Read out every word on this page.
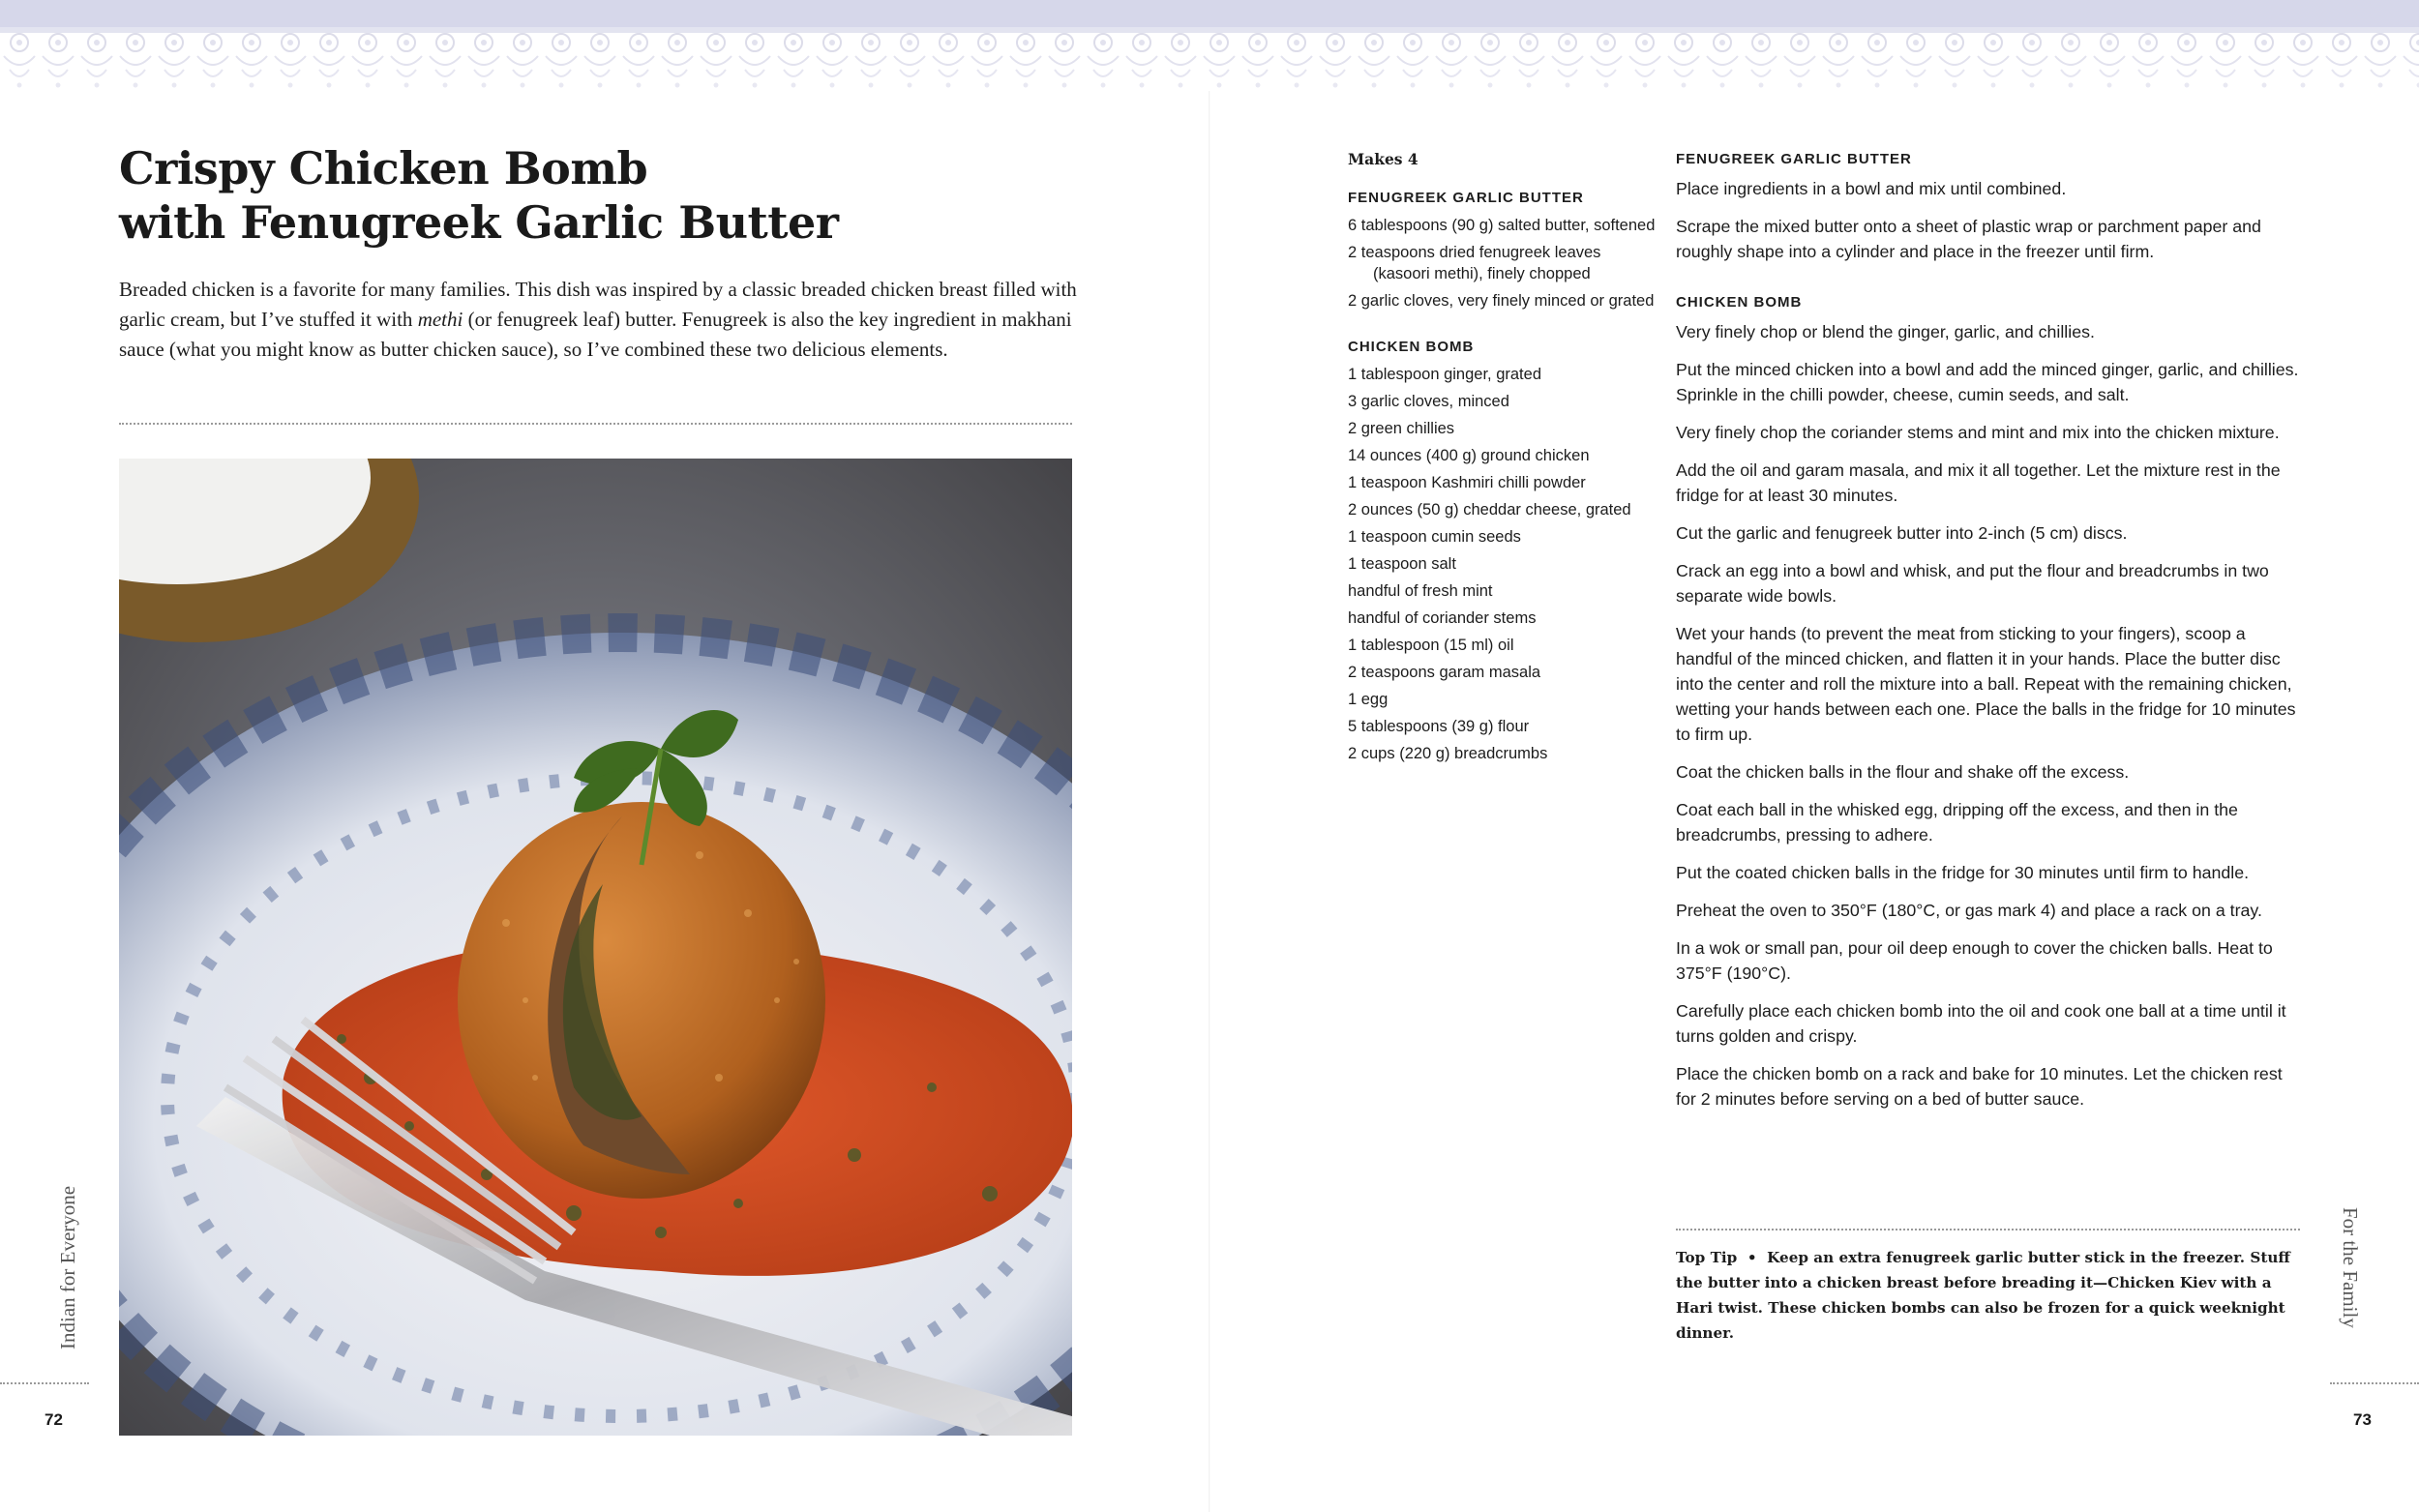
Crispy Chicken Bomb
with Fenugreek Garlic Butter

Breaded chicken is a favorite for many families. This dish was inspired by a classic breaded chicken breast filled with garlic cream, but I’ve stuffed it with methi (or fenugreek leaf) butter. Fenugreek is also the key ingredient in makhani sauce (what you might know as butter chicken sauce), so I’ve combined these two delicious elements.

Indian for Everyone
72
Makes 4
FENUGREEK GARLIC BUTTER
6 tablespoons (90 g) salted butter, softened
2 teaspoons dried fenugreek leaves (kasoori methi), finely chopped
2 garlic cloves, very finely minced or grated
CHICKEN BOMB
1 tablespoon ginger, grated
3 garlic cloves, minced
2 green chillies
14 ounces (400 g) ground chicken
1 teaspoon Kashmiri chilli powder
2 ounces (50 g) cheddar cheese, grated
1 teaspoon cumin seeds
1 teaspoon salt
handful of fresh mint
handful of coriander stems
1 tablespoon (15 ml) oil
2 teaspoons garam masala
1 egg
5 tablespoons (39 g) flour
2 cups (220 g) breadcrumbs
FENUGREEK GARLIC BUTTER

Place ingredients in a bowl and mix until combined.

Scrape the mixed butter onto a sheet of plastic wrap or parchment paper and roughly shape into a cylinder and place in the freezer until firm.

CHICKEN BOMB

Very finely chop or blend the ginger, garlic, and chillies.

Put the minced chicken into a bowl and add the minced ginger, garlic, and chillies. Sprinkle in the chilli powder, cheese, cumin seeds, and salt.

Very finely chop the coriander stems and mint and mix into the chicken mixture.

Add the oil and garam masala, and mix it all together. Let the mixture rest in the fridge for at least 30 minutes.

Cut the garlic and fenugreek butter into 2-inch (5 cm) discs.

Crack an egg into a bowl and whisk, and put the flour and breadcrumbs in two separate wide bowls.

Wet your hands (to prevent the meat from sticking to your fingers), scoop a handful of the minced chicken, and flatten it in your hands. Place the butter disc into the center and roll the mixture into a ball. Repeat with the remaining chicken, wetting your hands between each one. Place the balls in the fridge for 10 minutes to firm up.

Coat the chicken balls in the flour and shake off the excess.

Coat each ball in the whisked egg, dripping off the excess, and then in the breadcrumbs, pressing to adhere.

Put the coated chicken balls in the fridge for 30 minutes until firm to handle.

Preheat the oven to 350°F (180°C, or gas mark 4) and place a rack on a tray.

In a wok or small pan, pour oil deep enough to cover the chicken balls. Heat to 375°F (190°C).

Carefully place each chicken bomb into the oil and cook one ball at a time until it turns golden and crispy.

Place the chicken bomb on a rack and bake for 10 minutes. Let the chicken rest for 2 minutes before serving on a bed of butter sauce.

Top Tip • Keep an extra fenugreek garlic butter stick in the freezer. Stuff the butter into a chicken breast before breading it—Chicken Kiev with a Hari twist. These chicken bombs can also be frozen for a quick weeknight dinner.

For the Family
73
